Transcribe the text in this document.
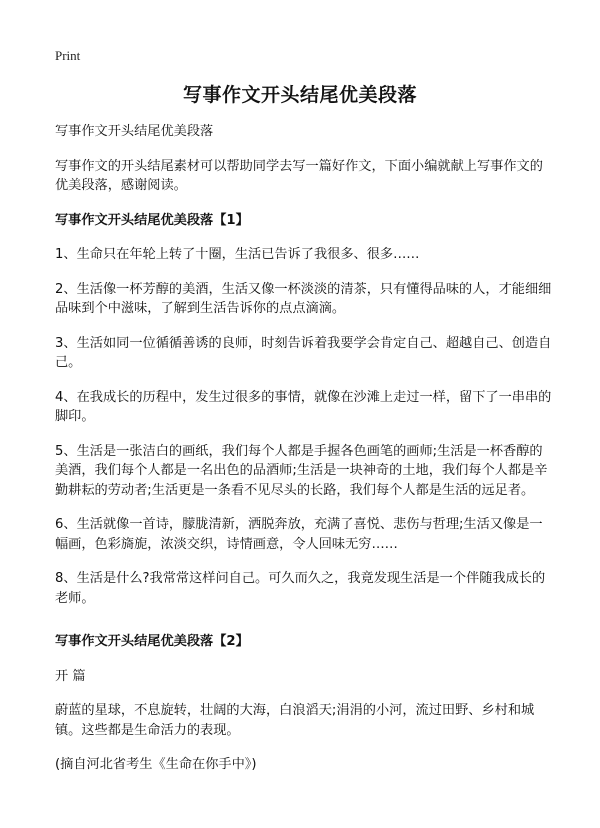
Print
写事作文开头结尾优美段落

写事作文开头结尾优美段落

写事作文的开头结尾素材可以帮助同学去写一篇好作文，下面小编就献上写事作文的优美段落，感谢阅读。

写事作文开头结尾优美段落【1】

1、生命只在年轮上转了十圈，生活已告诉了我很多、很多……

2、生活像一杯芳醇的美酒，生活又像一杯淡淡的清茶，只有懂得品味的人，才能细细品味到个中滋味，了解到生活告诉你的点点滴滴。

3、生活如同一位循循善诱的良师，时刻告诉着我要学会肯定自己、超越自己、创造自己。

4、在我成长的历程中，发生过很多的事情，就像在沙滩上走过一样，留下了一串串的脚印。

5、生活是一张洁白的画纸，我们每个人都是手握各色画笔的画师;生活是一杯香醇的美酒，我们每个人都是一名出色的品酒师;生活是一块神奇的土地，我们每个人都是辛勤耕耘的劳动者;生活更是一条看不见尽头的长路，我们每个人都是生活的远足者。

6、生活就像一首诗，朦胧清新，洒脱奔放，充满了喜悦、悲伤与哲理;生活又像是一幅画，色彩旖旎，浓淡交织，诗情画意，令人回味无穷……

8、生活是什么?我常常这样问自己。可久而久之，我竟发现生活是一个伴随我成长的老师。

写事作文开头结尾优美段落【2】

开 篇

蔚蓝的星球，不息旋转，壮阔的大海，白浪滔天;涓涓的小河，流过田野、乡村和城镇。这些都是生命活力的表现。

(摘自河北省考生《生命在你手中》)
